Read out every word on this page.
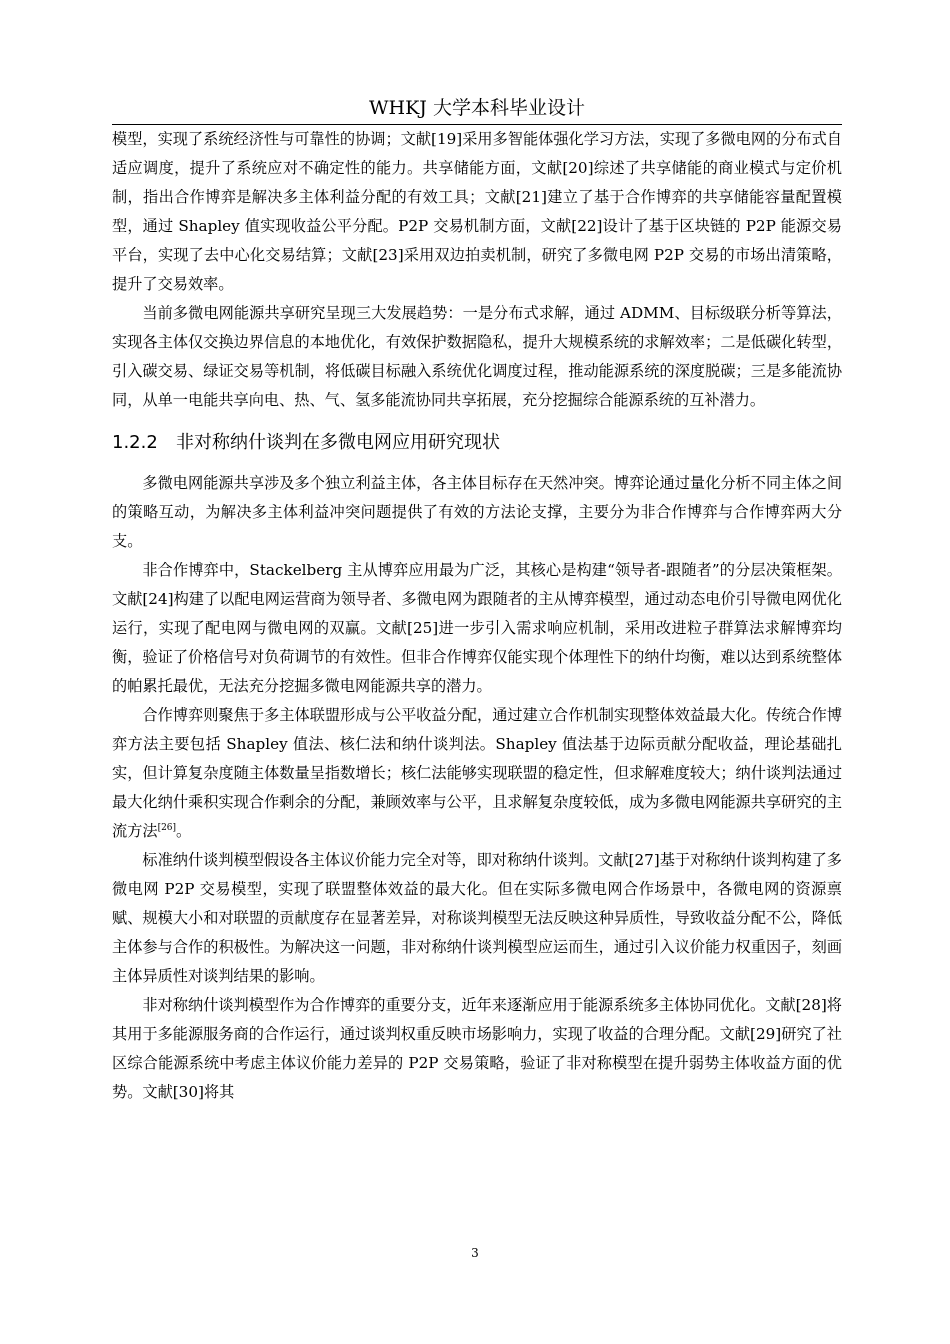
WHKJ 大学本科毕业设计

模型，实现了系统经济性与可靠性的协调；文献[19]采用多智能体强化学习方法，实现了多微电网的分布式自适应调度，提升了系统应对不确定性的能力。共享储能方面，文献[20]综述了共享储能的商业模式与定价机制，指出合作博弈是解决多主体利益分配的有效工具；文献[21]建立了基于合作博弈的共享储能容量配置模型，通过 Shapley 值实现收益公平分配。P2P 交易机制方面，文献[22]设计了基于区块链的 P2P 能源交易平台，实现了去中心化交易结算；文献[23]采用双边拍卖机制，研究了多微电网 P2P 交易的市场出清策略，提升了交易效率。

当前多微电网能源共享研究呈现三大发展趋势：一是分布式求解，通过 ADMM、目标级联分析等算法，实现各主体仅交换边界信息的本地优化，有效保护数据隐私，提升大规模系统的求解效率；二是低碳化转型，引入碳交易、绿证交易等机制，将低碳目标融入系统优化调度过程，推动能源系统的深度脱碳；三是多能流协同，从单一电能共享向电、热、气、氢多能流协同共享拓展，充分挖掘综合能源系统的互补潜力。

1.2.2 非对称纳什谈判在多微电网应用研究现状

多微电网能源共享涉及多个独立利益主体，各主体目标存在天然冲突。博弈论通过量化分析不同主体之间的策略互动，为解决多主体利益冲突问题提供了有效的方法论支撑，主要分为非合作博弈与合作博弈两大分支。

非合作博弈中，Stackelberg 主从博弈应用最为广泛，其核心是构建“领导者-跟随者”的分层决策框架。文献[24]构建了以配电网运营商为领导者、多微电网为跟随者的主从博弈模型，通过动态电价引导微电网优化运行，实现了配电网与微电网的双赢。文献[25]进一步引入需求响应机制，采用改进粒子群算法求解博弈均衡，验证了价格信号对负荷调节的有效性。但非合作博弈仅能实现个体理性下的纳什均衡，难以达到系统整体的帕累托最优，无法充分挖掘多微电网能源共享的潜力。

合作博弈则聚焦于多主体联盟形成与公平收益分配，通过建立合作机制实现整体效益最大化。传统合作博弈方法主要包括 Shapley 值法、核仁法和纳什谈判法。Shapley 值法基于边际贡献分配收益，理论基础扎实，但计算复杂度随主体数量呈指数增长；核仁法能够实现联盟的稳定性，但求解难度较大；纳什谈判法通过最大化纳什乘积实现合作剩余的分配，兼顾效率与公平，且求解复杂度较低，成为多微电网能源共享研究的主流方法[26]。

标准纳什谈判模型假设各主体议价能力完全对等，即对称纳什谈判。文献[27]基于对称纳什谈判构建了多微电网 P2P 交易模型，实现了联盟整体效益的最大化。但在实际多微电网合作场景中，各微电网的资源禀赋、规模大小和对联盟的贡献度存在显著差异，对称谈判模型无法反映这种异质性，导致收益分配不公，降低主体参与合作的积极性。为解决这一问题，非对称纳什谈判模型应运而生，通过引入议价能力权重因子，刻画主体异质性对谈判结果的影响。

非对称纳什谈判模型作为合作博弈的重要分支，近年来逐渐应用于能源系统多主体协同优化。文献[28]将其用于多能源服务商的合作运行，通过谈判权重反映市场影响力，实现了收益的合理分配。文献[29]研究了社区综合能源系统中考虑主体议价能力差异的 P2P 交易策略，验证了非对称模型在提升弱势主体收益方面的优势。文献[30]将其

3
